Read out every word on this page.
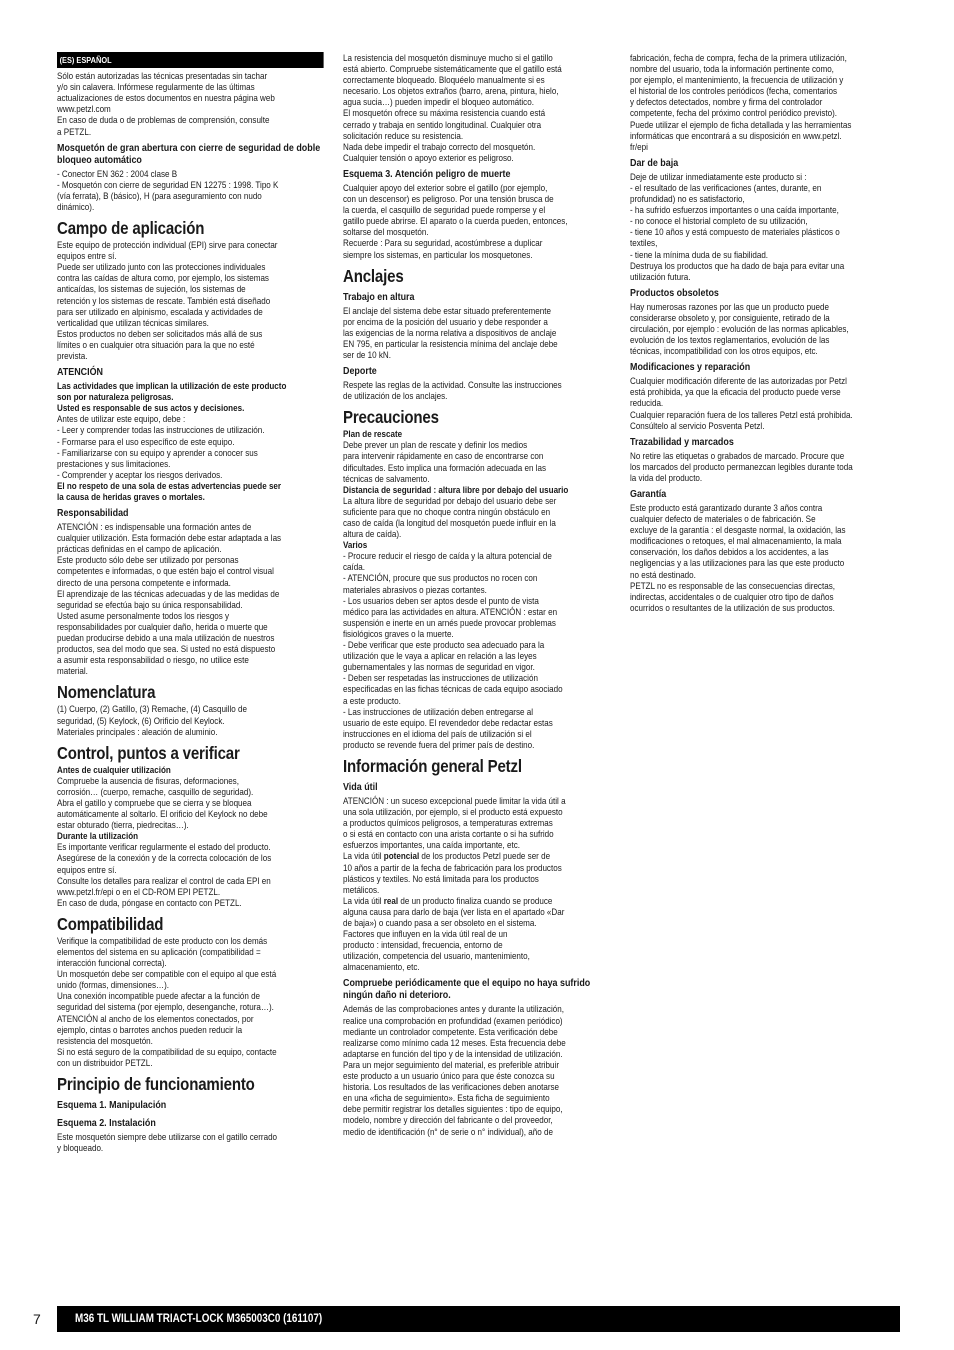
(ES) ESPAÑOL

Sólo están autorizadas las técnicas presentadas sin tachar
y/o sin calavera. Infórmese regularmente de las últimas
actualizaciones de estos documentos en nuestra página web
www.petzl.com
En caso de duda o de problemas de comprensión, consulte
a PETZL.

Mosquetón de gran abertura con cierre de seguridad de doble bloqueo automático

- Conector EN 362 : 2004 clase B
- Mosquetón con cierre de seguridad EN 12275 : 1998. Tipo K
(vía ferrata), B (básico), H (para aseguramiento con nudo
dinámico).

Campo de aplicación

Este equipo de protección individual (EPI) sirve para conectar
equipos entre sí.
Puede ser utilizado junto con las protecciones individuales
contra las caídas de altura como, por ejemplo, los sistemas
anticaídas, los sistemas de sujeción, los sistemas de
retención y los sistemas de rescate. También está diseñado
para ser utilizado en alpinismo, escalada y actividades de
verticalidad que utilizan técnicas similares.
Estos productos no deben ser solicitados más allá de sus
límites o en cualquier otra situación para la que no esté
prevista.

ATENCIÓN

Las actividades que implican la utilización de este producto
son por naturaleza peligrosas.
Usted es responsable de sus actos y decisiones.

Antes de utilizar este equipo, debe :
- Leer y comprender todas las instrucciones de utilización.
- Formarse para el uso específico de este equipo.
- Familiarizarse con su equipo y aprender a conocer sus
prestaciones y sus limitaciones.
- Comprender y aceptar los riesgos derivados.

El no respeto de una sola de estas advertencias puede ser
la causa de heridas graves o mortales.

Responsabilidad

ATENCIÓN : es indispensable una formación antes de
cualquier utilización. Esta formación debe estar adaptada a las
prácticas definidas en el campo de aplicación.
Este producto sólo debe ser utilizado por personas
competentes e informadas, o que estén bajo el control visual
directo de una persona competente e informada.
El aprendizaje de las técnicas adecuadas y de las medidas de
seguridad se efectúa bajo su única responsabilidad.
Usted asume personalmente todos los riesgos y
responsabilidades por cualquier daño, herida o muerte que
puedan producirse debido a una mala utilización de nuestros
productos, sea del modo que sea. Si usted no está dispuesto
a asumir esta responsabilidad o riesgo, no utilice este
material.

Nomenclatura

(1) Cuerpo, (2) Gatillo, (3) Remache, (4) Casquillo de
seguridad, (5) Keylock, (6) Orificio del Keylock.
Materiales principales : aleación de aluminio.

Control, puntos a verificar
Antes de cualquier utilización

Compruebe la ausencia de fisuras, deformaciones,
corrosión… (cuerpo, remache, casquillo de seguridad).
Abra el gatillo y compruebe que se cierra y se bloquea
automáticamente al soltarlo. El orificio del Keylock no debe
estar obturado (tierra, piedrecitas…).

Durante la utilización

Es importante verificar regularmente el estado del producto.
Asegúrese de la conexión y de la correcta colocación de los
equipos entre sí.
Consulte los detalles para realizar el control de cada EPI en
www.petzl.fr/epi o en el CD-ROM EPI PETZL.
En caso de duda, póngase en contacto con PETZL.

Compatibilidad

Verifique la compatibilidad de este producto con los demás
elementos del sistema en su aplicación (compatibilidad =
interacción funcional correcta).
Un mosquetón debe ser compatible con el equipo al que está
unido (formas, dimensiones…).
Una conexión incompatible puede afectar a la función de
seguridad del sistema (por ejemplo, desenganche, rotura…).
ATENCIÓN al ancho de los elementos conectados, por
ejemplo, cintas o barrotes anchos pueden reducir la
resistencia del mosquetón.
Si no está seguro de la compatibilidad de su equipo, contacte
con un distribuidor PETZL.

Principio de funcionamiento
Esquema 1. Manipulación
Esquema 2. Instalación

Este mosquetón siempre debe utilizarse con el gatillo cerrado
y bloqueado.

La resistencia del mosquetón disminuye mucho si el gatillo
está abierto. Compruebe sistemáticamente que el gatillo está
correctamente bloqueado. Bloquéelo manualmente si es
necesario. Los objetos extraños (barro, arena, pintura, hielo,
agua sucia…) pueden impedir el bloqueo automático.
El mosquetón ofrece su máxima resistencia cuando está
cerrado y trabaja en sentido longitudinal. Cualquier otra
solicitación reduce su resistencia.
Nada debe impedir el trabajo correcto del mosquetón.
Cualquier tensión o apoyo exterior es peligroso.

Esquema 3. Atención peligro de muerte

Cualquier apoyo del exterior sobre el gatillo (por ejemplo,
con un descensor) es peligroso. Por una tensión brusca de
la cuerda, el casquillo de seguridad puede romperse y el
gatillo puede abrirse. El aparato o la cuerda pueden, entonces,
soltarse del mosquetón.
Recuerde : Para su seguridad, acostúmbrese a duplicar
siempre los sistemas, en particular los mosquetones.

Anclajes
Trabajo en altura

El anclaje del sistema debe estar situado preferentemente
por encima de la posición del usuario y debe responder a
las exigencias de la norma relativa a dispositivos de anclaje
EN 795, en particular la resistencia mínima del anclaje debe
ser de 10 kN.

Deporte

Respete las reglas de la actividad. Consulte las instrucciones
de utilización de los anclajes.

Precauciones
Plan de rescate

Debe prever un plan de rescate y definir los medios
para intervenir rápidamente en caso de encontrarse con
dificultades. Esto implica una formación adecuada en las
técnicas de salvamento.

Distancia de seguridad : altura libre por debajo del usuario

La altura libre de seguridad por debajo del usuario debe ser
suficiente para que no choque contra ningún obstáculo en
caso de caída (la longitud del mosquetón puede influir en la
altura de caída).

Varios

- Procure reducir el riesgo de caída y la altura potencial de
caída.
- ATENCIÓN, procure que sus productos no rocen con
materiales abrasivos o piezas cortantes.
- Los usuarios deben ser aptos desde el punto de vista
médico para las actividades en altura. ATENCIÓN : estar en
suspensión e inerte en un arnés puede provocar problemas
fisiológicos graves o la muerte.
- Debe verificar que este producto sea adecuado para la
utilización que le vaya a aplicar en relación a las leyes
gubernamentales y las normas de seguridad en vigor.
- Deben ser respetadas las instrucciones de utilización
especificadas en las fichas técnicas de cada equipo asociado
a este producto.
- Las instrucciones de utilización deben entregarse al
usuario de este equipo. El revendedor debe redactar estas
instrucciones en el idioma del país de utilización si el
producto se revende fuera del primer país de destino.

Información general Petzl
Vida útil

ATENCIÓN : un suceso excepcional puede limitar la vida útil a
una sola utilización, por ejemplo, si el producto está expuesto
a productos químicos peligrosos, a temperaturas extremas
o si está en contacto con una arista cortante o si ha sufrido
esfuerzos importantes, una caída importante, etc.

La vida útil potencial de los productos Petzl puede ser de
10 años a partir de la fecha de fabricación para los productos
plásticos y textiles. No está limitada para los productos
metálicos.

La vida útil real de un producto finaliza cuando se produce
alguna causa para darlo de baja (ver lista en el apartado «Dar
de baja») o cuando pasa a ser obsoleto en el sistema.
Factores que influyen en la vida útil real de un
producto : intensidad, frecuencia, entorno de
utilización, competencia del usuario, mantenimiento,
almacenamiento, etc.

Compruebe periódicamente que el equipo no haya sufrido ningún daño ni deterioro.

Además de las comprobaciones antes y durante la utilización,
realice una comprobación en profundidad (examen periódico)
mediante un controlador competente. Esta verificación debe
realizarse como mínimo cada 12 meses. Esta frecuencia debe
adaptarse en función del tipo y de la intensidad de utilización.
Para un mejor seguimiento del material, es preferible atribuir
este producto a un usuario único para que éste conozca su
historia. Los resultados de las verificaciones deben anotarse
en una «ficha de seguimiento». Esta ficha de seguimiento
debe permitir registrar los detalles siguientes : tipo de equipo,
modelo, nombre y dirección del fabricante o del proveedor,
medio de identificación (n° de serie o n° individual), año de

fabricación, fecha de compra, fecha de la primera utilización,
nombre del usuario, toda la información pertinente como,
por ejemplo, el mantenimiento, la frecuencia de utilización y
el historial de los controles periódicos (fecha, comentarios
y defectos detectados, nombre y firma del controlador
competente, fecha del próximo control periódico previsto).
Puede utilizar el ejemplo de ficha detallada y las herramientas
informáticas que encontrará a su disposición en www.petzl.
fr/epi

Dar de baja

Deje de utilizar inmediatamente este producto si :
- el resultado de las verificaciones (antes, durante, en
profundidad) no es satisfactorio,
- ha sufrido esfuerzos importantes o una caída importante,
- no conoce el historial completo de su utilización,
- tiene 10 años y está compuesto de materiales plásticos o
textiles,
- tiene la mínima duda de su fiabilidad.
Destruya los productos que ha dado de baja para evitar una
utilización futura.

Productos obsoletos

Hay numerosas razones por las que un producto puede
considerarse obsoleto y, por consiguiente, retirado de la
circulación, por ejemplo : evolución de las normas aplicables,
evolución de los textos reglamentarios, evolución de las
técnicas, incompatibilidad con los otros equipos, etc.

Modificaciones y reparación

Cualquier modificación diferente de las autorizadas por Petzl
está prohibida, ya que la eficacia del producto puede verse
reducida.
Cualquier reparación fuera de los talleres Petzl está prohibida.
Consúltelo al servicio Posventa Petzl.

Trazabilidad y marcados

No retire las etiquetas o grabados de marcado. Procure que
los marcados del producto permanezcan legibles durante toda
la vida del producto.

Garantía

Este producto está garantizado durante 3 años contra
cualquier defecto de materiales o de fabricación. Se
excluye de la garantía : el desgaste normal, la oxidación, las
modificaciones o retoques, el mal almacenamiento, la mala
conservación, los daños debidos a los accidentes, a las
negligencias y a las utilizaciones para las que este producto
no está destinado.
PETZL no es responsable de las consecuencias directas,
indirectas, accidentales o de cualquier otro tipo de daños
ocurridos o resultantes de la utilización de sus productos.

7	M36 TL WILLIAM TRIACT-LOCK M365003C0 (161107)
